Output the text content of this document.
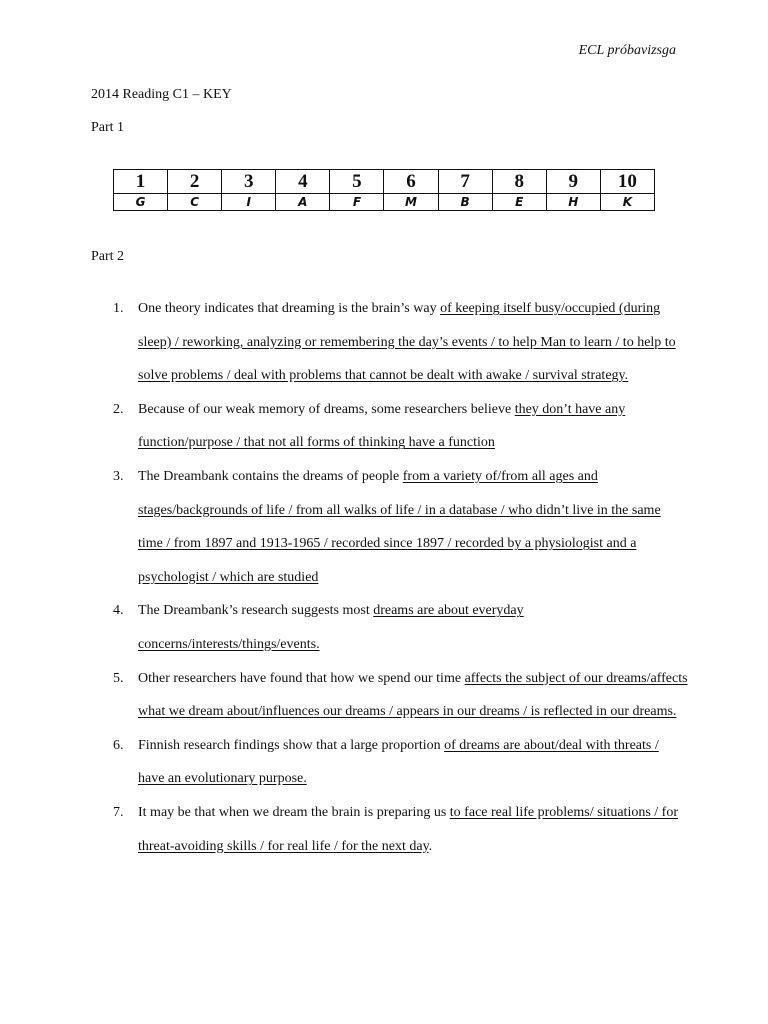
ECL próbavizsga
2014 Reading C1 – KEY
Part 1
1	2	3	4	5	6	7	8	9	10
G	C	I	A	F	M	B	E	H	K
Part 2
1. One theory indicates that dreaming is the brain’s way of keeping itself busy/occupied (during sleep) / reworking, analyzing or remembering the day’s events / to help Man to learn / to help to solve problems / deal with problems that cannot be dealt with awake / survival strategy.
2. Because of our weak memory of dreams, some researchers believe they don’t have any function/purpose / that not all forms of thinking have a function
3. The Dreambank contains the dreams of people from a variety of/from all ages and stages/backgrounds of life / from all walks of life / in a database / who didn’t live in the same time / from 1897 and 1913-1965 / recorded since 1897 / recorded by a physiologist and a psychologist / which are studied
4. The Dreambank’s research suggests most dreams are about everyday concerns/interests/things/events.
5. Other researchers have found that how we spend our time affects the subject of our dreams/affects what we dream about/influences our dreams / appears in our dreams / is reflected in our dreams.
6. Finnish research findings show that a large proportion of dreams are about/deal with threats / have an evolutionary purpose.
7. It may be that when we dream the brain is preparing us to face real life problems/ situations / for threat-avoiding skills / for real life / for the next day.
